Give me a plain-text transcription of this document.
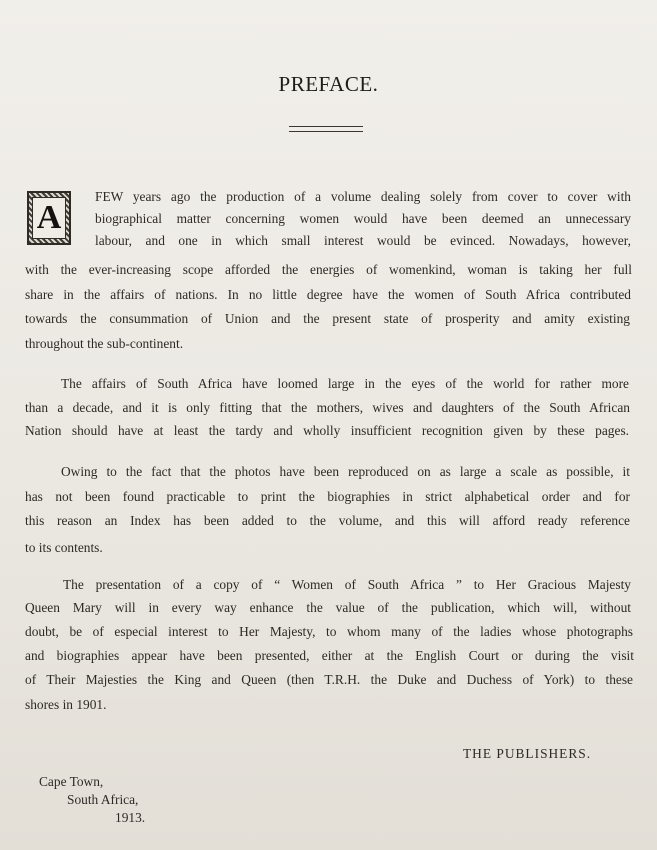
PREFACE.
A
FEW years ago the production of a volume dealing solely from cover to cover with
biographical matter concerning women would have been deemed an unnecessary
labour, and one in which small interest would be evinced. Nowadays, however,
with the ever-increasing scope afforded the energies of womenkind, woman is taking her full
share in the affairs of nations. In no little degree have the women of South Africa contributed
towards the consummation of Union and the present state of prosperity and amity existing
throughout the sub-continent.
The affairs of South Africa have loomed large in the eyes of the world for rather more
than a decade, and it is only fitting that the mothers, wives and daughters of the South African
Nation should have at least the tardy and wholly insufficient recognition given by these pages.
Owing to the fact that the photos have been reproduced on as large a scale as possible, it
has not been found practicable to print the biographies in strict alphabetical order and for
this reason an Index has been added to the volume, and this will afford ready reference
to its contents.
The presentation of a copy of “ Women of South Africa ” to Her Gracious Majesty
Queen Mary will in every way enhance the value of the publication, which will, without
doubt, be of especial interest to Her Majesty, to whom many of the ladies whose photographs
and biographies appear have been presented, either at the English Court or during the visit
of Their Majesties the King and Queen (then T.R.H. the Duke and Duchess of York) to these
shores in 1901.
THE PUBLISHERS.
Cape Town,
South Africa,
1913.
